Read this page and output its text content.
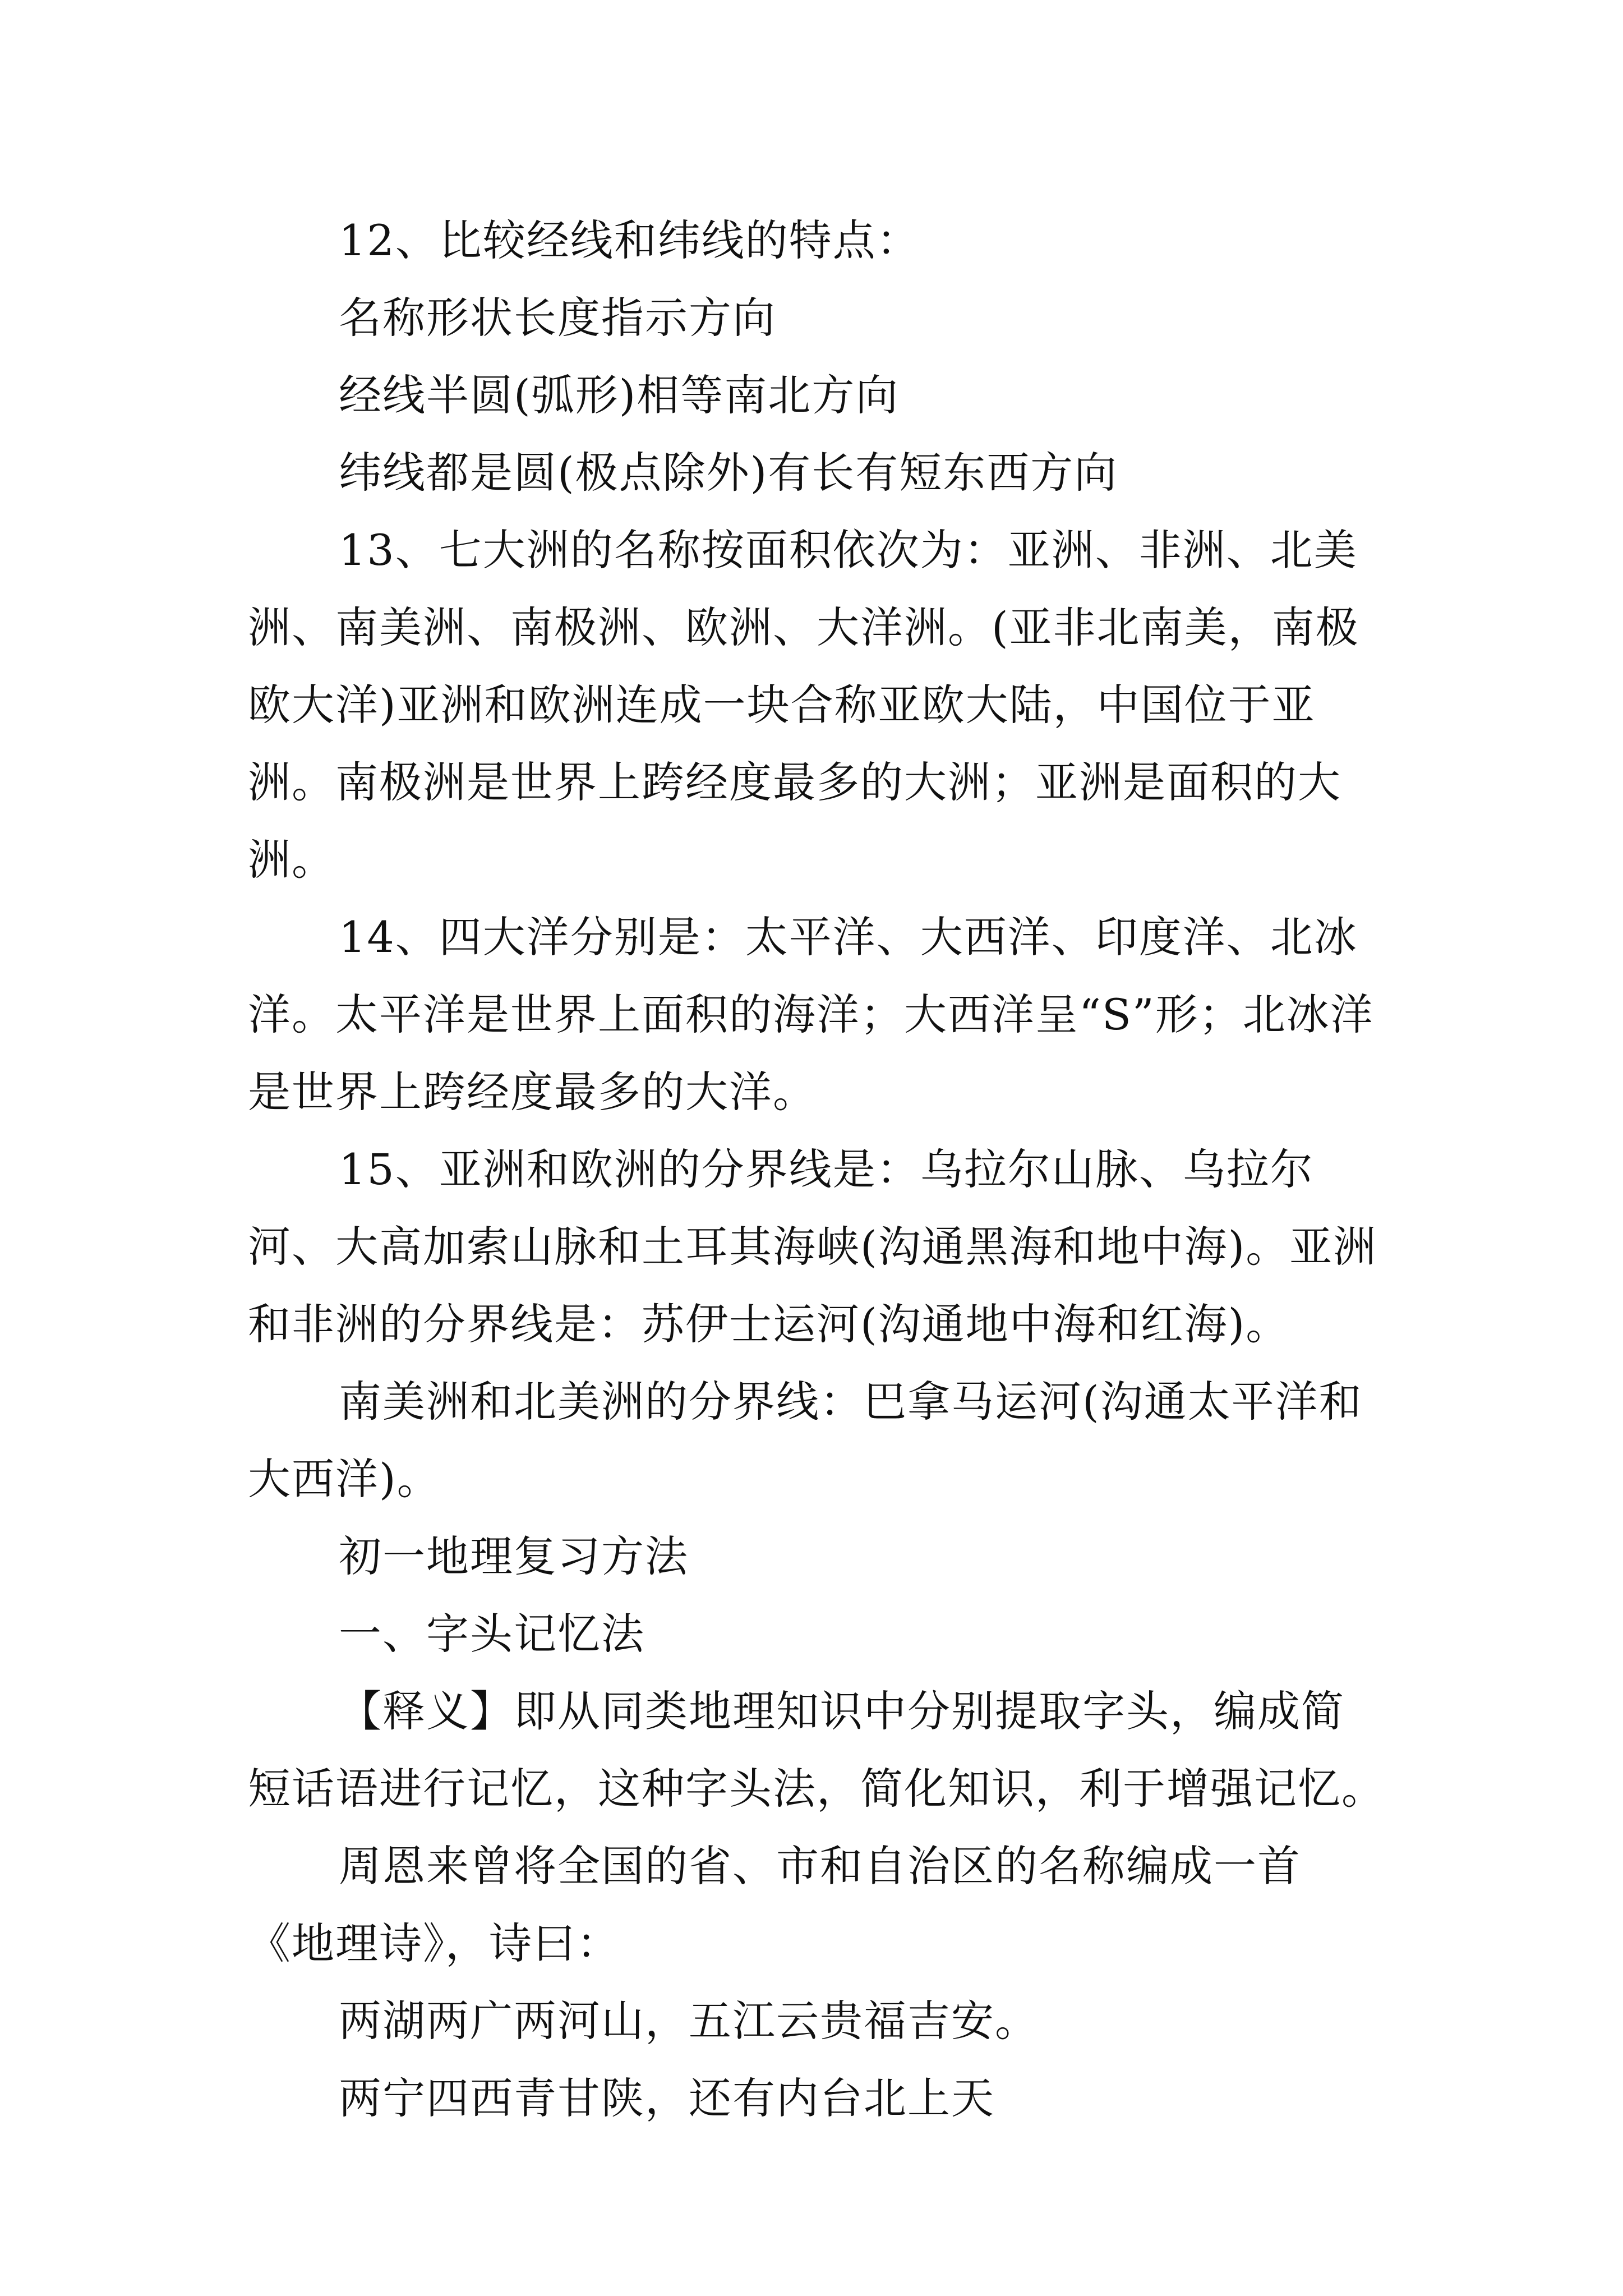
12、比较经线和纬线的特点：

名称形状长度指示方向

经线半圆(弧形)相等南北方向

纬线都是圆(极点除外)有长有短东西方向

13、七大洲的名称按面积依次为：亚洲、非洲、北美洲、南美洲、南极洲、欧洲、大洋洲。(亚非北南美，南极欧大洋)亚洲和欧洲连成一块合称亚欧大陆，中国位于亚洲。南极洲是世界上跨经度最多的大洲；亚洲是面积的大洲。

14、四大洋分别是：太平洋、大西洋、印度洋、北冰洋。太平洋是世界上面积的海洋；大西洋呈“S”形；北冰洋是世界上跨经度最多的大洋。

15、亚洲和欧洲的分界线是：乌拉尔山脉、乌拉尔河、大高加索山脉和土耳其海峡(沟通黑海和地中海)。亚洲和非洲的分界线是：苏伊士运河(沟通地中海和红海)。

南美洲和北美洲的分界线：巴拿马运河(沟通太平洋和大西洋)。

初一地理复习方法

一、字头记忆法

【释义】即从同类地理知识中分别提取字头，编成简短话语进行记忆，这种字头法，简化知识，利于增强记忆。

周恩来曾将全国的省、市和自治区的名称编成一首《地理诗》，诗曰：

两湖两广两河山，五江云贵福吉安。

两宁四西青甘陕，还有内台北上天
